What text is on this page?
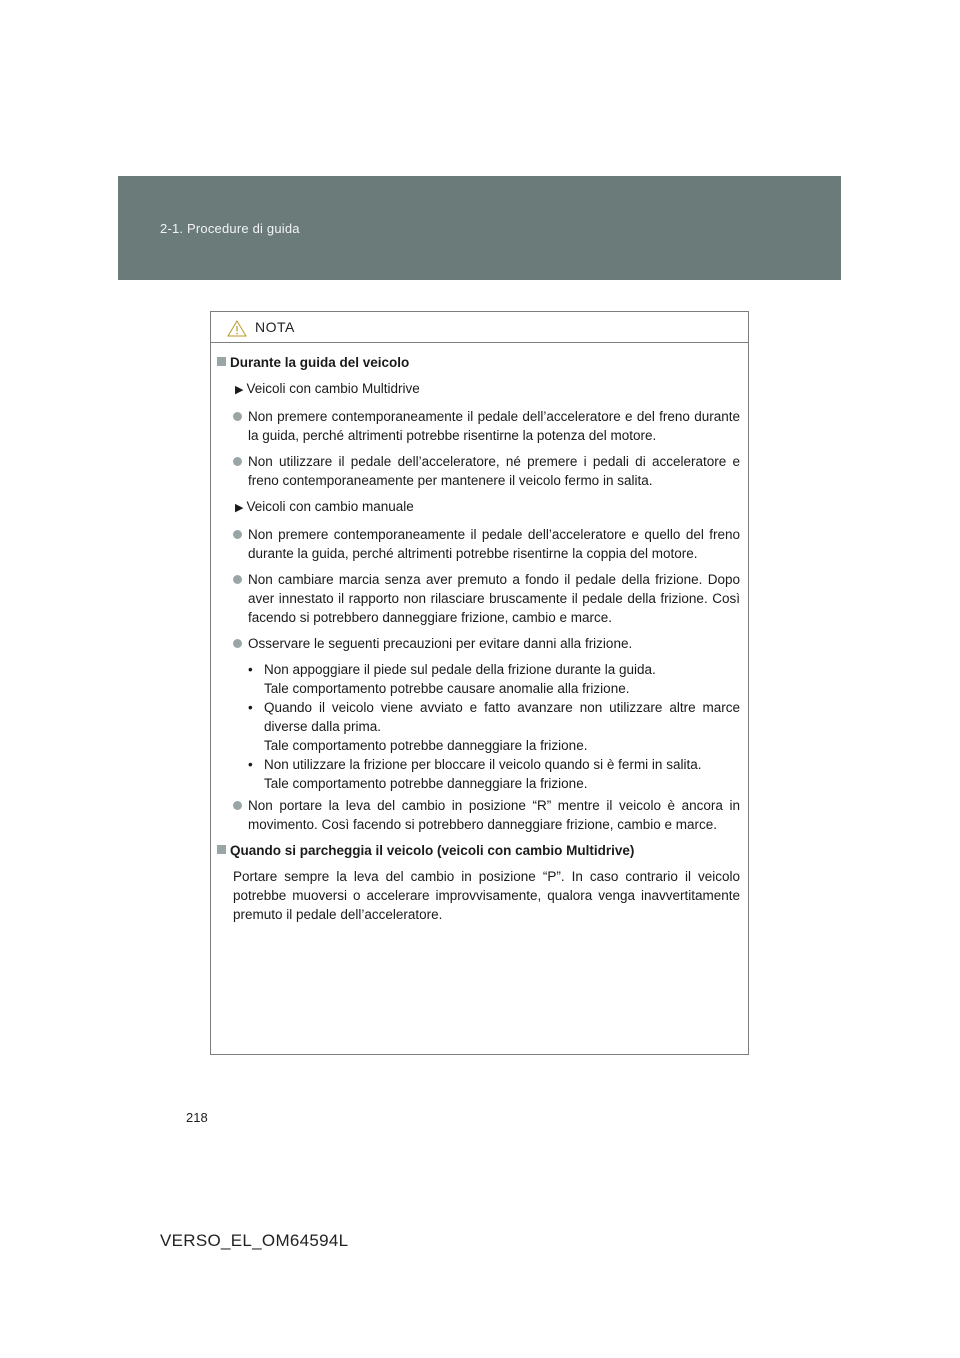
2-1. Procedure di guida
NOTA
Durante la guida del veicolo
▶ Veicoli con cambio Multidrive
Non premere contemporaneamente il pedale dell’acceleratore e del freno durante la guida, perché altrimenti potrebbe risentirne la potenza del motore.
Non utilizzare il pedale dell’acceleratore, né premere i pedali di acceleratore e freno contemporaneamente per mantenere il veicolo fermo in salita.
▶ Veicoli con cambio manuale
Non premere contemporaneamente il pedale dell’acceleratore e quello del freno durante la guida, perché altrimenti potrebbe risentirne la coppia del motore.
Non cambiare marcia senza aver premuto a fondo il pedale della frizione. Dopo aver innestato il rapporto non rilasciare bruscamente il pedale della frizione. Così facendo si potrebbero danneggiare frizione, cambio e marce.
Osservare le seguenti precauzioni per evitare danni alla frizione.
• Non appoggiare il piede sul pedale della frizione durante la guida.
Tale comportamento potrebbe causare anomalie alla frizione.
• Quando il veicolo viene avviato e fatto avanzare non utilizzare altre marce diverse dalla prima.
Tale comportamento potrebbe danneggiare la frizione.
• Non utilizzare la frizione per bloccare il veicolo quando si è fermi in salita.
Tale comportamento potrebbe danneggiare la frizione.
Non portare la leva del cambio in posizione “R” mentre il veicolo è ancora in movimento. Così facendo si potrebbero danneggiare frizione, cambio e marce.
Quando si parcheggia il veicolo (veicoli con cambio Multidrive)
Portare sempre la leva del cambio in posizione “P”. In caso contrario il veicolo potrebbe muoversi o accelerare improvvisamente, qualora venga inavvertitamente premuto il pedale dell’acceleratore.
218
VERSO_EL_OM64594L
